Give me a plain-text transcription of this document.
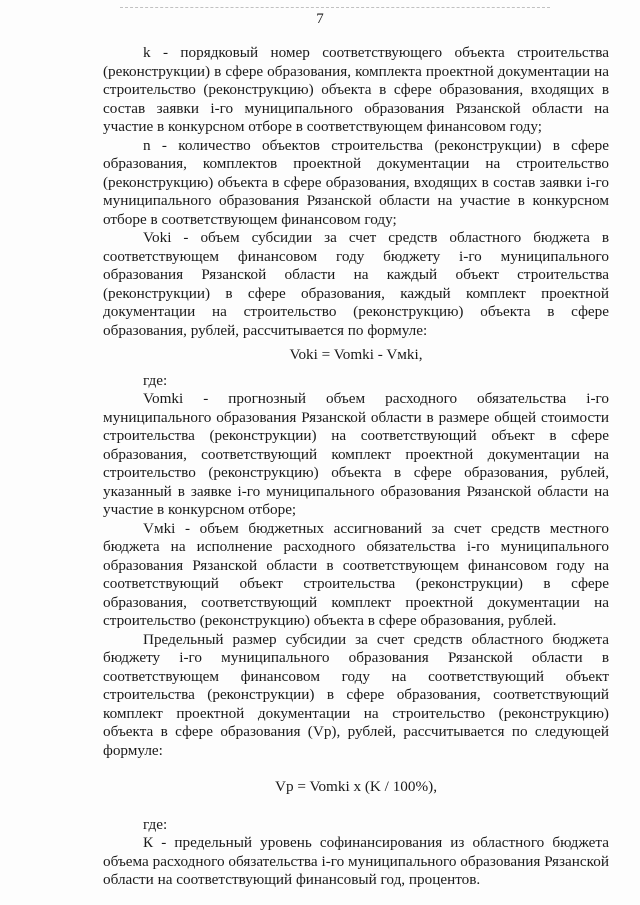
7

k - порядковый номер соответствующего объекта строительства (реконструкции) в сфере образования, комплекта проектной документации на строительство (реконструкцию) объекта в сфере образования, входящих в состав заявки i-го муниципального образования Рязанской области на участие в конкурсном отборе в соответствующем финансовом году;

n - количество объектов строительства (реконструкции) в сфере образования, комплектов проектной документации на строительство (реконструкцию) объекта в сфере образования, входящих в состав заявки i-го муниципального образования Рязанской области на участие в конкурсном отборе в соответствующем финансовом году;

Voki - объем субсидии за счет средств областного бюджета в соответствующем финансовом году бюджету i-го муниципального образования Рязанской области на каждый объект строительства (реконструкции) в сфере образования, каждый комплект проектной документации на строительство (реконструкцию) объекта в сфере образования, рублей, рассчитывается по формуле:

Voki = Vomki - Vмki,

где:

Vomki - прогнозный объем расходного обязательства i-го муниципального образования Рязанской области в размере общей стоимости строительства (реконструкции) на соответствующий объект в сфере образования, соответствующий комплект проектной документации на строительство (реконструкцию) объекта в сфере образования, рублей, указанный в заявке i-го муниципального образования Рязанской области на участие в конкурсном отборе;

Vмki - объем бюджетных ассигнований за счет средств местного бюджета на исполнение расходного обязательства i-го муниципального образования Рязанской области в соответствующем финансовом году на соответствующий объект строительства (реконструкции) в сфере образования, соответствующий комплект проектной документации на строительство (реконструкцию) объекта в сфере образования, рублей.

Предельный размер субсидии за счет средств областного бюджета бюджету i-го муниципального образования Рязанской области в соответствующем финансовом году на соответствующий объект строительства (реконструкции) в сфере образования, соответствующий комплект проектной документации на строительство (реконструкцию) объекта в сфере образования (Vp), рублей, рассчитывается по следующей формуле:

Vp = Vomki x (K / 100%),

где:

К - предельный уровень софинансирования из областного бюджета объема расходного обязательства i-го муниципального образования Рязанской области на соответствующий финансовый год, процентов.
